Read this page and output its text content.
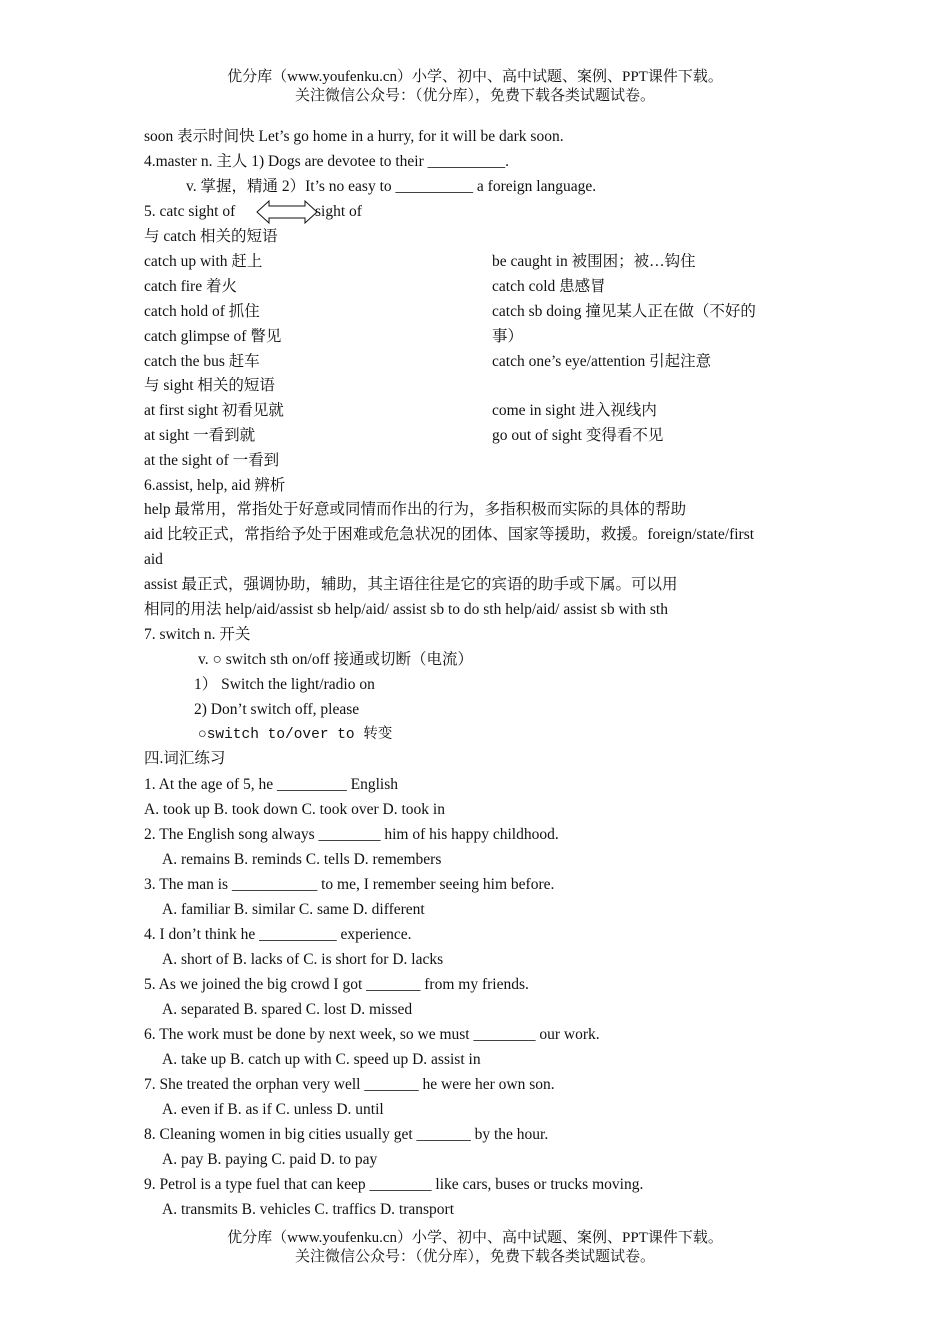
优分库（www.youfenku.cn）小学、初中、高中试题、案例、PPT课件下载。
关注微信公众号：（优分库），免费下载各类试题试卷。
soon 表示时间快 Let’s go home in a hurry, for it will be dark soon.
4.master n. 主人 1) Dogs are devotee to their __________.
v. 掌握，精通 2）It’s no easy to __________ a foreign language.
5. catc sight of	sight of
与 catch 相关的短语
catch up with 赶上
catch fire 着火
catch hold of 抓住
catch glimpse of 瞥见
catch the bus 赶车
be caught in 被围困；被…钩住
catch cold 患感冒
catch sb doing 撞见某人正在做（不好的
事）
catch one’s eye/attention 引起注意
与 sight 相关的短语
at first sight 初看见就
at sight 一看到就
at the sight of 一看到
come in sight 进入视线内
go out of sight 变得看不见
6.assist, help, aid 辨析
help 最常用，常指处于好意或同情而作出的行为，多指积极而实际的具体的帮助
aid 比较正式，常指给予处于困难或危急状况的团体、国家等援助，救援。foreign/state/first
aid
assist 最正式，强调协助，辅助，其主语往往是它的宾语的助手或下属。可以用
相同的用法 help/aid/assist sb help/aid/ assist sb to do sth help/aid/ assist sb with sth
7. switch n. 开关
v. ○ switch sth on/off 接通或切断（电流）
1） Switch the light/radio on
2) Don’t switch off, please
○switch to/over to 转变
四.词汇练习
1. At the age of 5, he _________ English
A. took up B. took down C. took over D. took in
2. The English song always ________ him of his happy childhood.
A. remains B. reminds C. tells D. remembers
3. The man is ___________ to me, I remember seeing him before.
A. familiar B. similar C. same D. different
4. I don’t think he __________ experience.
A. short of B. lacks of C. is short for D. lacks
5. As we joined the big crowd I got _______ from my friends.
A. separated B. spared C. lost D. missed
6. The work must be done by next week, so we must ________ our work.
A. take up B. catch up with C. speed up D. assist in
7. She treated the orphan very well _______ he were her own son.
A. even if B. as if C. unless D. until
8. Cleaning women in big cities usually get _______ by the hour.
A. pay B. paying C. paid D. to pay
9. Petrol is a type fuel that can keep ________ like cars, buses or trucks moving.
A. transmits B. vehicles C. traffics D. transport
优分库（www.youfenku.cn）小学、初中、高中试题、案例、PPT课件下载。
关注微信公众号：（优分库），免费下载各类试题试卷。
